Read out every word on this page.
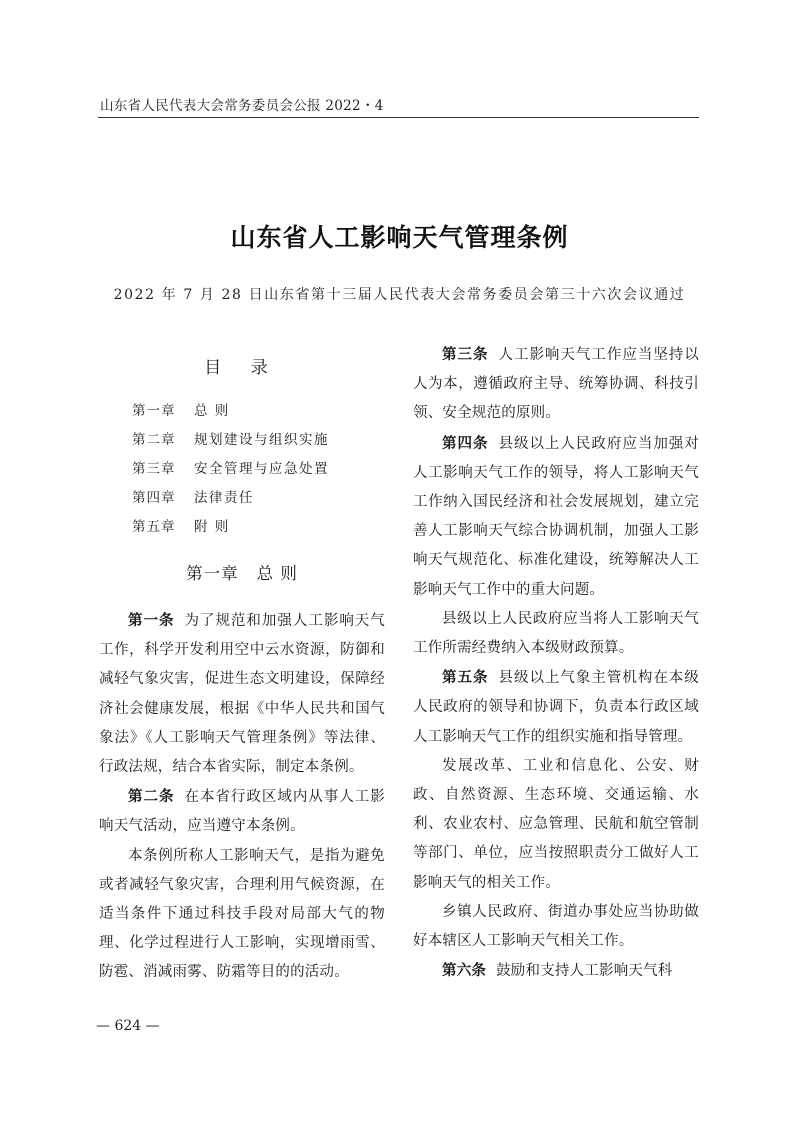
山东省人民代表大会常务委员会公报 2022・4
山东省人工影响天气管理条例
2022 年 7 月 28 日山东省第十三届人民代表大会常务委员会第三十六次会议通过
目 录
第一章 总 则
第二章 规划建设与组织实施
第三章 安全管理与应急处置
第四章 法律责任
第五章 附 则
第一章 总 则

第一条 为了规范和加强人工影响天气工作，科学开发利用空中云水资源，防御和减轻气象灾害，促进生态文明建设，保障经济社会健康发展，根据《中华人民共和国气象法》《人工影响天气管理条例》等法律、行政法规，结合本省实际，制定本条例。

第二条 在本省行政区域内从事人工影响天气活动，应当遵守本条例。

本条例所称人工影响天气，是指为避免或者减轻气象灾害，合理利用气候资源，在适当条件下通过科技手段对局部大气的物理、化学过程进行人工影响，实现增雨雪、防雹、消减雨雾、防霜等目的的活动。

第三条 人工影响天气工作应当坚持以人为本，遵循政府主导、统筹协调、科技引领、安全规范的原则。

第四条 县级以上人民政府应当加强对人工影响天气工作的领导，将人工影响天气工作纳入国民经济和社会发展规划，建立完善人工影响天气综合协调机制，加强人工影响天气规范化、标准化建设，统筹解决人工影响天气工作中的重大问题。

县级以上人民政府应当将人工影响天气工作所需经费纳入本级财政预算。

第五条 县级以上气象主管机构在本级人民政府的领导和协调下，负责本行政区域人工影响天气工作的组织实施和指导管理。

发展改革、工业和信息化、公安、财政、自然资源、生态环境、交通运输、水利、农业农村、应急管理、民航和航空管制等部门、单位，应当按照职责分工做好人工影响天气的相关工作。

乡镇人民政府、街道办事处应当协助做好本辖区人工影响天气相关工作。

第六条 鼓励和支持人工影响天气科

— 624 —
